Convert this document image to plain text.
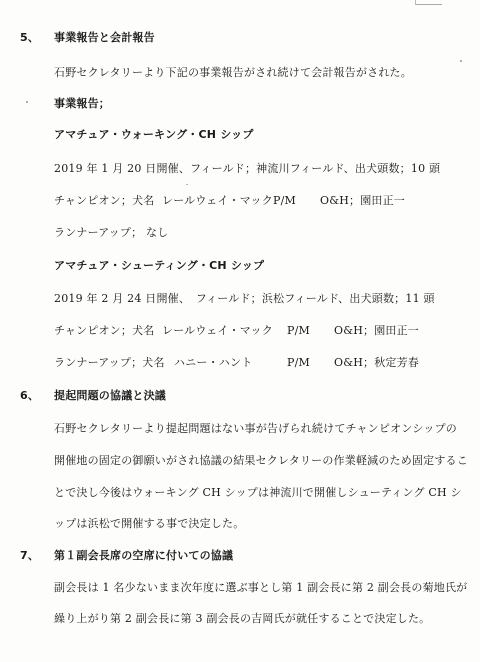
5、 事業報告と会計報告
石野セクレタリーより下記の事業報告がされ続けて会計報告がされた。
事業報告；
アマチュア・ウォーキング・CH シップ
2019 年 1 月 20 日開催、フィールド；神流川フィールド、出犬頭数；10 頭
チャンピオン；犬名 レールウェイ・マック P/M O&H；園田正一
ランナーアップ； なし
アマチュア・シューティング・CH シップ
2019 年 2 月 24 日開催、　フィールド；浜松フィールド、出犬頭数；11 頭
チャンピオン；犬名 レールウェイ・マック P/M O&H；園田正一
ランナーアップ；犬名 ハニー・ハント	P/M O&H；秋定芳春
6、 提起問題の協議と決議
石野セクレタリーより提起問題はない事が告げられ続けてチャンピオンシップの
開催地の固定の御願いがされ協議の結果セクレタリーの作業軽減のため固定するこ
とで決し今後はウォーキング CH シップは神流川で開催しシューティング CH シ
ップは浜松で開催する事で決定した。
7、 第１副会長席の空席に付いての協議
副会長は 1 名少ないまま次年度に選ぶ事とし第 1 副会長に第 2 副会長の菊地氏が
繰り上がり第 2 副会長に第 3 副会長の吉岡氏が就任することで決定した。
